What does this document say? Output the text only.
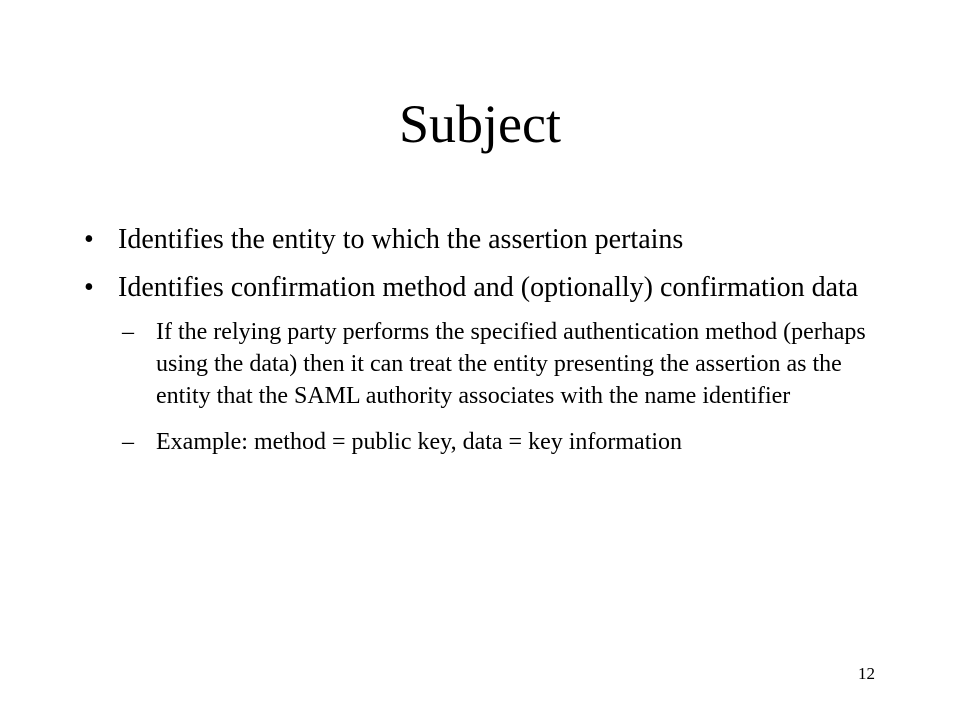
Subject
• Identifies the entity to which the assertion pertains
• Identifies confirmation method and (optionally) confirmation data
– If the relying party performs the specified authentication method (perhaps using the data) then it can treat the entity presenting the assertion as the entity that the SAML authority associates with the name identifier
– Example: method = public key, data = key information
12
